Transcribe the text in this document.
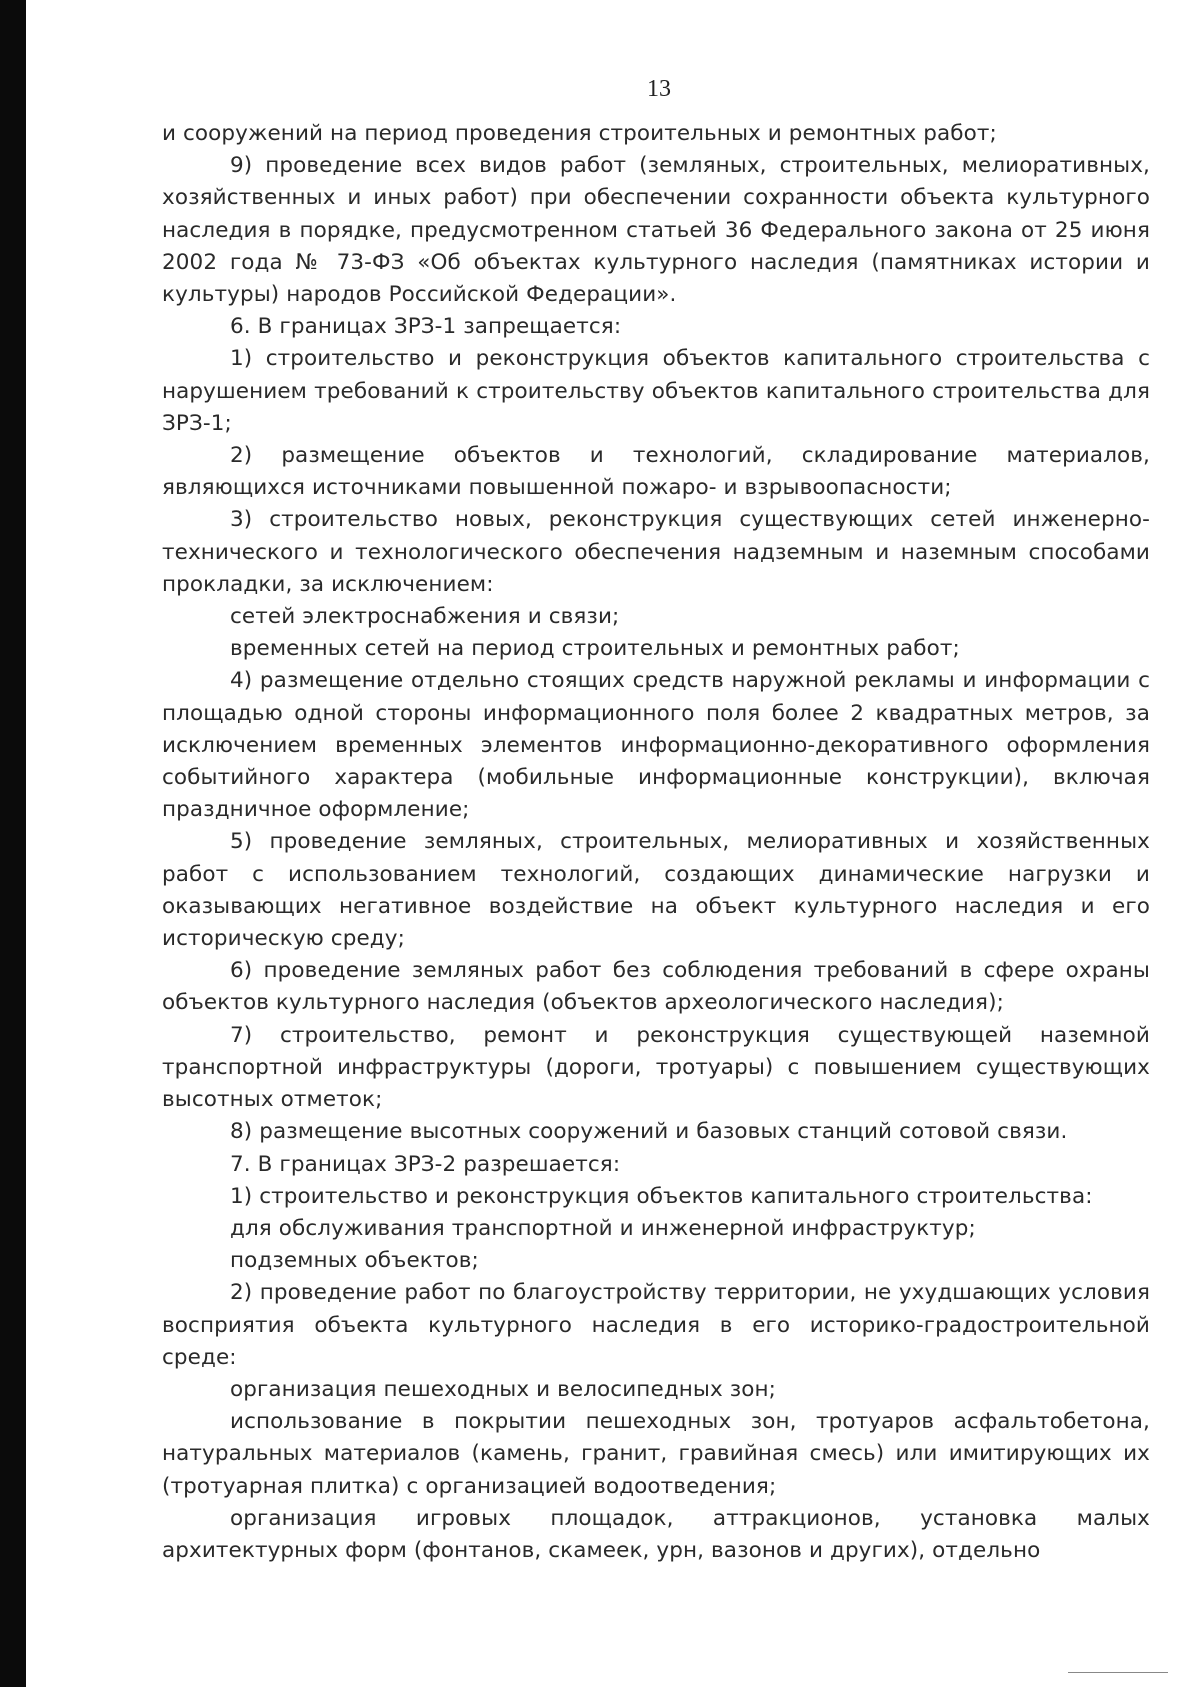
13

и сооружений на период проведения строительных и ремонтных работ;

9) проведение всех видов работ (земляных, строительных, мелиоративных, хозяйственных и иных работ) при обеспечении сохранности объекта культурного наследия в порядке, предусмотренном статьей 36 Федерального закона от 25 июня 2002 года № 73-ФЗ «Об объектах культурного наследия (памятниках истории и культуры) народов Российской Федерации».

6. В границах ЗРЗ-1 запрещается:

1) строительство и реконструкция объектов капитального строительства с нарушением требований к строительству объектов капитального строительства для ЗРЗ-1;

2) размещение объектов и технологий, складирование материалов, являющихся источниками повышенной пожаро- и взрывоопасности;

3) строительство новых, реконструкция существующих сетей инженерно-технического и технологического обеспечения надземным и наземным способами прокладки, за исключением:

сетей электроснабжения и связи;

временных сетей на период строительных и ремонтных работ;

4) размещение отдельно стоящих средств наружной рекламы и информации с площадью одной стороны информационного поля более 2 квадратных метров, за исключением временных элементов информационно-декоративного оформления событийного характера (мобильные информационные конструкции), включая праздничное оформление;

5) проведение земляных, строительных, мелиоративных и хозяйственных работ с использованием технологий, создающих динамические нагрузки и оказывающих негативное воздействие на объект культурного наследия и его историческую среду;

6) проведение земляных работ без соблюдения требований в сфере охраны объектов культурного наследия (объектов археологического наследия);

7) строительство, ремонт и реконструкция существующей наземной транспортной инфраструктуры (дороги, тротуары) с повышением существующих высотных отметок;

8) размещение высотных сооружений и базовых станций сотовой связи.

7. В границах ЗРЗ-2 разрешается:

1) строительство и реконструкция объектов капитального строительства:

для обслуживания транспортной и инженерной инфраструктур;

подземных объектов;

2) проведение работ по благоустройству территории, не ухудшающих условия восприятия объекта культурного наследия в его историко-градостроительной среде:

организация пешеходных и велосипедных зон;

использование в покрытии пешеходных зон, тротуаров асфальтобетона, натуральных материалов (камень, гранит, гравийная смесь) или имитирующих их (тротуарная плитка) с организацией водоотведения;

организация игровых площадок, аттракционов, установка малых архитектурных форм (фонтанов, скамеек, урн, вазонов и других), отдельно
